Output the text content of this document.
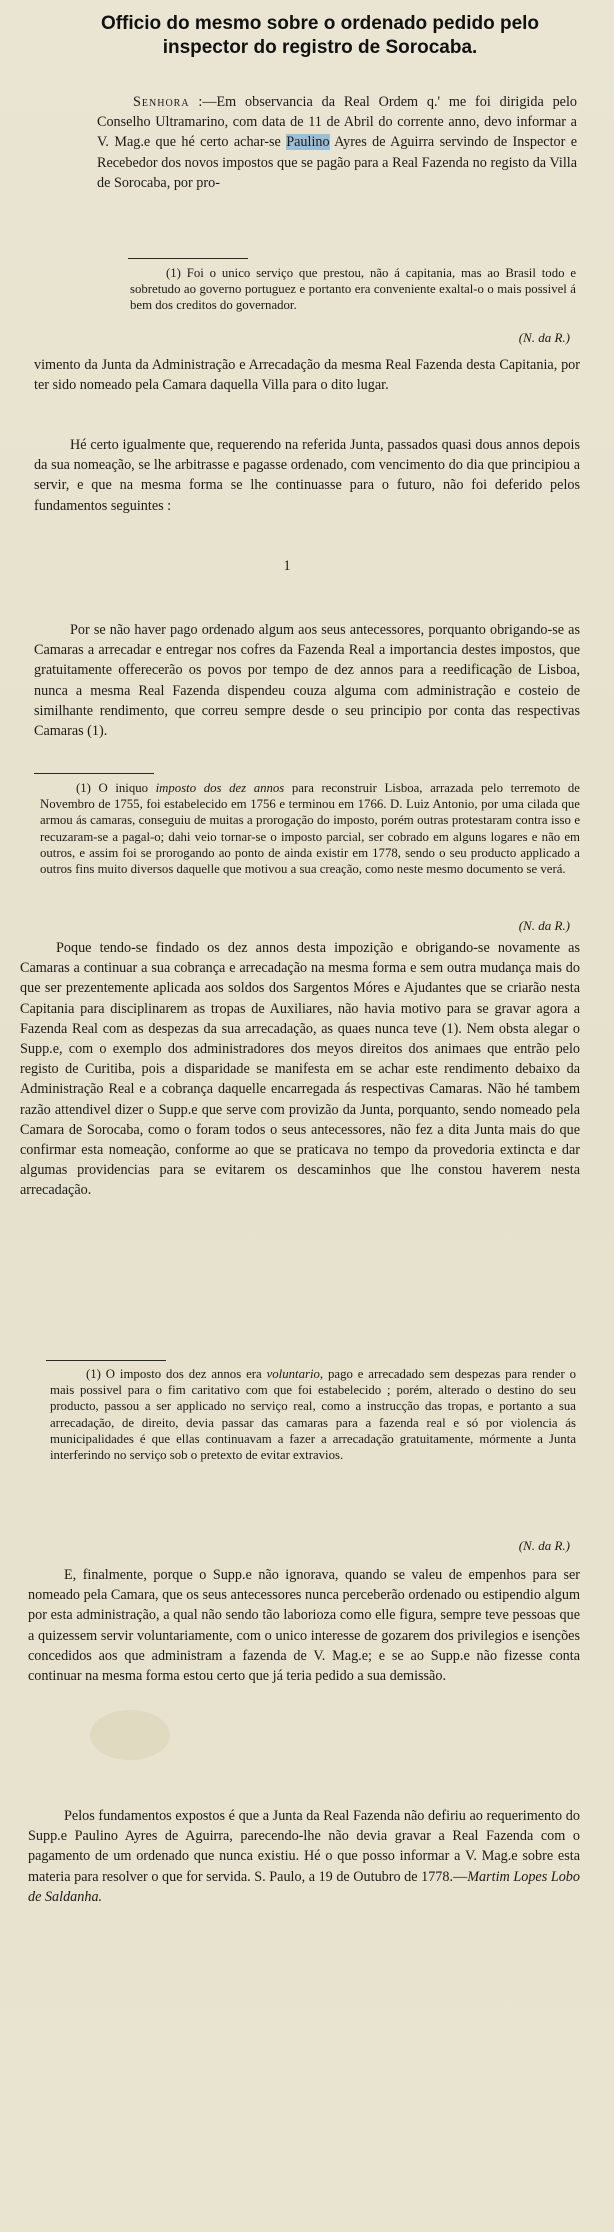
Officio do mesmo sobre o ordenado pedido pelo
inspector do registro de Sorocaba.
Senhora :—Em observancia da Real Ordem q.' me foi dirigida pelo Conselho Ultramarino, com data de 11 de Abril do corrente anno, devo informar a V. Mag.e que hé certo achar-se Paulino Ayres de Aguirra servindo de Inspector e Recebedor dos novos impostos que se pagão para a Real Fazenda no registo da Villa de Sorocaba, por pro-
(1) Foi o unico serviço que prestou, não á capitania, mas ao Brasil todo e sobretudo ao governo portuguez e portanto era conveniente exaltal-o o mais possivel á bem dos creditos do governador.
(N. da R.)
vimento da Junta da Administração e Arrecadação da mesma Real Fazenda desta Capitania, por ter sido nomeado pela Camara daquella Villa para o dito lugar.
Hé certo igualmente que, requerendo na referida Junta, passados quasi dous annos depois da sua nomeação, se lhe arbitrasse e pagasse ordenado, com vencimento do dia que principiou a servir, e que na mesma forma se lhe continuasse para o futuro, não foi deferido pelos fundamentos seguintes :
1
Por se não haver pago ordenado algum aos seus antecessores, porquanto obrigando-se as Camaras a arrecadar e entregar nos cofres da Fazenda Real a importancia destes impostos, que gratuitamente offerecerão os povos por tempo de dez annos para a reedificação de Lisboa, nunca a mesma Real Fazenda dispendeu couza alguma com administração e costeio de similhante rendimento, que correu sempre desde o seu principio por conta das respectivas Camaras (1).
(1) O iniquo imposto dos dez annos para reconstruir Lisboa, arrazada pelo terremoto de Novembro de 1755, foi estabelecido em 1756 e terminou em 1766. D. Luiz Antonio, por uma cilada que armou ás camaras, conseguiu de muitas a prorogação do imposto, porém outras protestaram contra isso e recuzaram-se a pagal-o; dahi veio tornar-se o imposto parcial, ser cobrado em alguns logares e não em outros, e assim foi se prorogando ao ponto de ainda existir em 1778, sendo o seu producto applicado a outros fins muito diversos daquelle que motivou a sua creação, como neste mesmo documento se verá.
(N. da R.)
Poque tendo-se findado os dez annos desta impozição e obrigando-se novamente as Camaras a continuar a sua cobrança e arrecadação na mesma forma e sem outra mudança mais do que ser prezentemente aplicada aos soldos dos Sargentos Móres e Ajudantes que se criarão nesta Capitania para disciplinarem as tropas de Auxiliares, não havia motivo para se gravar agora a Fazenda Real com as despezas da sua arrecadação, as quaes nunca teve (1). Nem obsta alegar o Supp.e, com o exemplo dos administradores dos meyos direitos dos animaes que entrão pelo registo de Curitiba, pois a disparidade se manifesta em se achar este rendimento debaixo da Administração Real e a cobrança daquelle encarregada ás respectivas Camaras. Não hé tambem razão attendivel dizer o Supp.e que serve com provizão da Junta, porquanto, sendo nomeado pela Camara de Sorocaba, como o foram todos o seus antecessores, não fez a dita Junta mais do que confirmar esta nomeação, conforme ao que se praticava no tempo da provedoria extincta e dar algumas providencias para se evitarem os descaminhos que lhe constou haverem nesta arrecadação.
(1) O imposto dos dez annos era voluntario, pago e arrecadado sem despezas para render o mais possivel para o fim caritativo com que foi estabelecido ; porém, alterado o destino do seu producto, passou a ser applicado no serviço real, como a instrucção das tropas, e portanto a sua arrecadação, de direito, devia passar das camaras para a fazenda real e só por violencia ás municipalidades é que ellas continuavam a fazer a arrecadação gratuitamente, mórmente a Junta interferindo no serviço sob o pretexto de evitar extravios.
(N. da R.)
E, finalmente, porque o Supp.e não ignorava, quando se valeu de empenhos para ser nomeado pela Camara, que os seus antecessores nunca perceberão ordenado ou estipendio algum por esta administração, a qual não sendo tão laborioza como elle figura, sempre teve pessoas que a quizessem servir voluntariamente, com o unico interesse de gozarem dos privilegios e isenções concedidos aos que administram a fazenda de V. Mag.e; e se ao Supp.e não fizesse conta continuar na mesma forma estou certo que já teria pedido a sua demissão.
Pelos fundamentos expostos é que a Junta da Real Fazenda não defiriu ao requerimento do Supp.e Paulino Ayres de Aguirra, parecendo-lhe não devia gravar a Real Fazenda com o pagamento de um ordenado que nunca existiu. Hé o que posso informar a V. Mag.e sobre esta materia para resolver o que for servida. S. Paulo, a 19 de Outubro de 1778.—Martim Lopes Lobo de Saldanha.
